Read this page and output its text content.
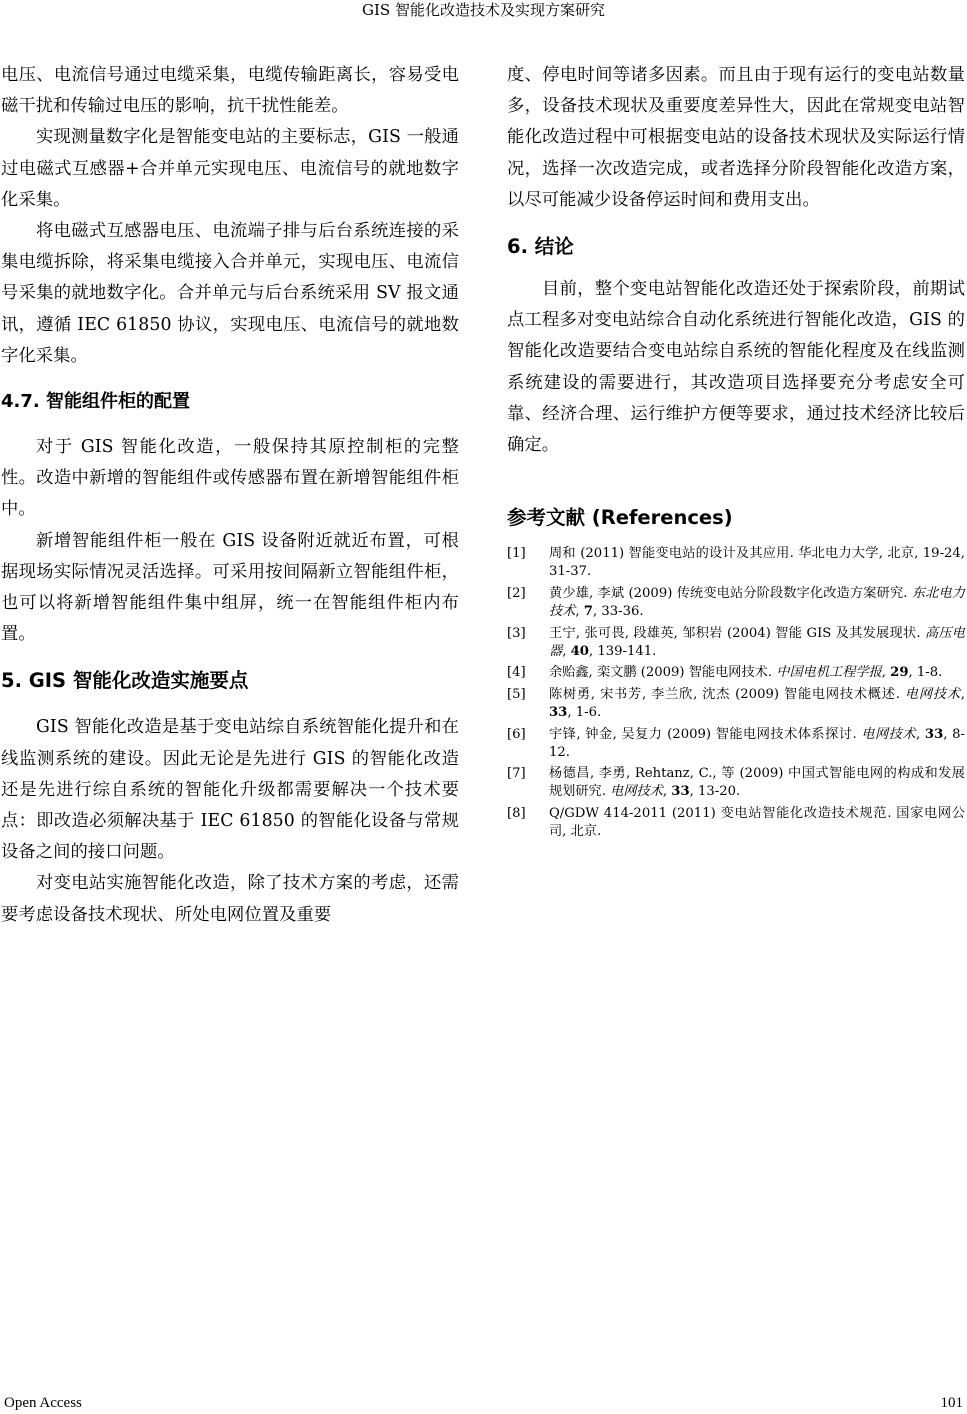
GIS 智能化改造技术及实现方案研究

电压、电流信号通过电缆采集，电缆传输距离长，容易受电磁干扰和传输过电压的影响，抗干扰性能差。

实现测量数字化是智能变电站的主要标志，GIS 一般通过电磁式互感器+合并单元实现电压、电流信号的就地数字化采集。

将电磁式互感器电压、电流端子排与后台系统连接的采集电缆拆除，将采集电缆接入合并单元，实现电压、电流信号采集的就地数字化。合并单元与后台系统采用 SV 报文通讯，遵循 IEC 61850 协议，实现电压、电流信号的就地数字化采集。

4.7. 智能组件柜的配置

对于 GIS 智能化改造，一般保持其原控制柜的完整性。改造中新增的智能组件或传感器布置在新增智能组件柜中。

新增智能组件柜一般在 GIS 设备附近就近布置，可根据现场实际情况灵活选择。可采用按间隔新立智能组件柜，也可以将新增智能组件集中组屏，统一在智能组件柜内布置。

5. GIS 智能化改造实施要点

GIS 智能化改造是基于变电站综自系统智能化提升和在线监测系统的建设。因此无论是先进行 GIS 的智能化改造还是先进行综自系统的智能化升级都需要解决一个技术要点：即改造必须解决基于 IEC 61850 的智能化设备与常规设备之间的接口问题。

对变电站实施智能化改造，除了技术方案的考虑，还需要考虑设备技术现状、所处电网位置及重要

度、停电时间等诸多因素。而且由于现有运行的变电站数量多，设备技术现状及重要度差异性大，因此在常规变电站智能化改造过程中可根据变电站的设备技术现状及实际运行情况，选择一次改造完成，或者选择分阶段智能化改造方案，以尽可能减少设备停运时间和费用支出。

6. 结论

目前，整个变电站智能化改造还处于探索阶段，前期试点工程多对变电站综合自动化系统进行智能化改造，GIS 的智能化改造要结合变电站综自系统的智能化程度及在线监测系统建设的需要进行，其改造项目选择要充分考虑安全可靠、经济合理、运行维护方便等要求，通过技术经济比较后确定。

参考文献 (References)
[1]	周和 (2011) 智能变电站的设计及其应用. 华北电力大学, 北京, 19-24, 31-37.
[2]	黄少雄, 李斌 (2009) 传统变电站分阶段数字化改造方案研究. 东北电力技术, 7, 33-36.
[3]	王宁, 张可畏, 段雄英, 邹积岩 (2004) 智能 GIS 及其发展现状. 高压电器, 40, 139-141.
[4]	余贻鑫, 栾文鹏 (2009) 智能电网技术. 中国电机工程学报, 29, 1-8.
[5]	陈树勇, 宋书芳, 李兰欣, 沈杰 (2009) 智能电网技术概述. 电网技术, 33, 1-6.
[6]	宇锋, 钟金, 吴复力 (2009) 智能电网技术体系探讨. 电网技术, 33, 8-12.
[7]	杨德昌, 李勇, Rehtanz, C., 等 (2009) 中国式智能电网的构成和发展规划研究. 电网技术, 33, 13-20.
[8]	Q/GDW 414-2011 (2011) 变电站智能化改造技术规范. 国家电网公司, 北京.
Open Access	101
